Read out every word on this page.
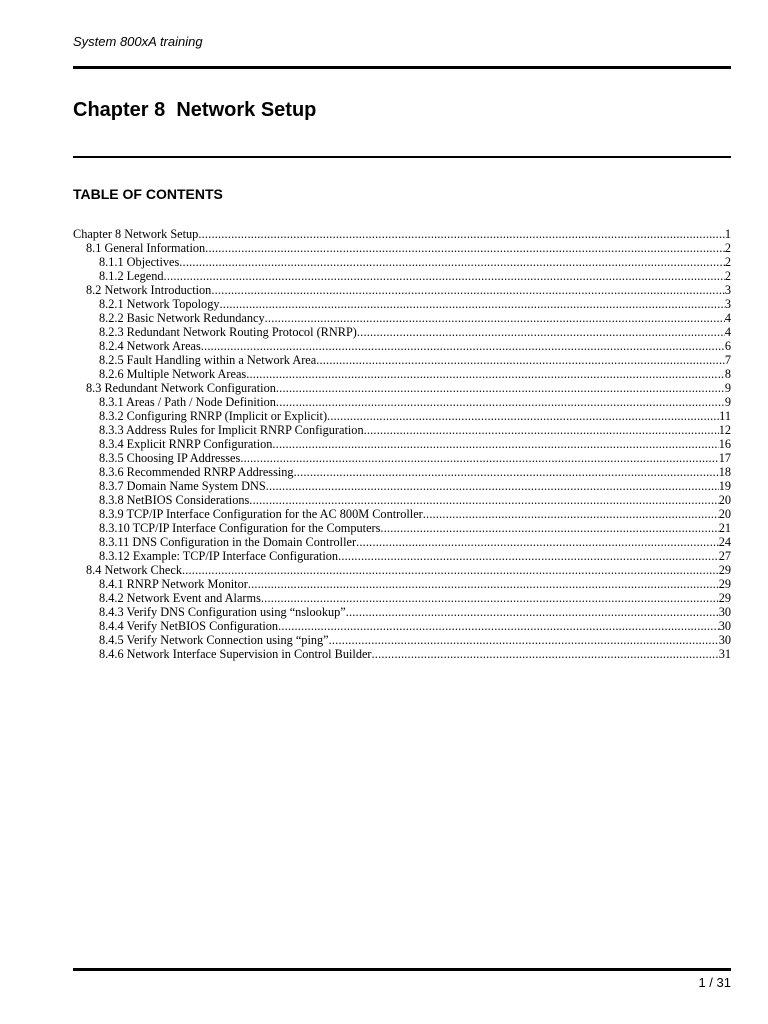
System 800xA training
Chapter 8  Network Setup
TABLE OF CONTENTS
Chapter 8 Network Setup .....	1
8.1 General Information .....	2
8.1.1 Objectives .....	2
8.1.2 Legend .....	2
8.2 Network Introduction .....	3
8.2.1 Network Topology .....	3
8.2.2 Basic Network Redundancy .....	4
8.2.3 Redundant Network Routing Protocol (RNRP) .....	4
8.2.4 Network Areas .....	6
8.2.5 Fault Handling within a Network Area .....	7
8.2.6 Multiple Network Areas .....	8
8.3 Redundant Network Configuration .....	9
8.3.1 Areas / Path / Node Definition .....	9
8.3.2 Configuring RNRP (Implicit or Explicit) .....	11
8.3.3 Address Rules for Implicit RNRP Configuration .....	12
8.3.4 Explicit RNRP Configuration .....	16
8.3.5 Choosing IP Addresses .....	17
8.3.6 Recommended RNRP Addressing .....	18
8.3.7 Domain Name System DNS .....	19
8.3.8 NetBIOS Considerations .....	20
8.3.9 TCP/IP Interface Configuration for the AC 800M Controller .....	20
8.3.10 TCP/IP Interface Configuration for the Computers .....	21
8.3.11 DNS Configuration in the Domain Controller .....	24
8.3.12 Example: TCP/IP Interface Configuration .....	27
8.4 Network Check .....	29
8.4.1 RNRP Network Monitor .....	29
8.4.2 Network Event and Alarms .....	29
8.4.3 Verify DNS Configuration using “nslookup” .....	30
8.4.4 Verify NetBIOS Configuration .....	30
8.4.5 Verify Network Connection using “ping” .....	30
8.4.6 Network Interface Supervision in Control Builder .....	31
1 / 31
